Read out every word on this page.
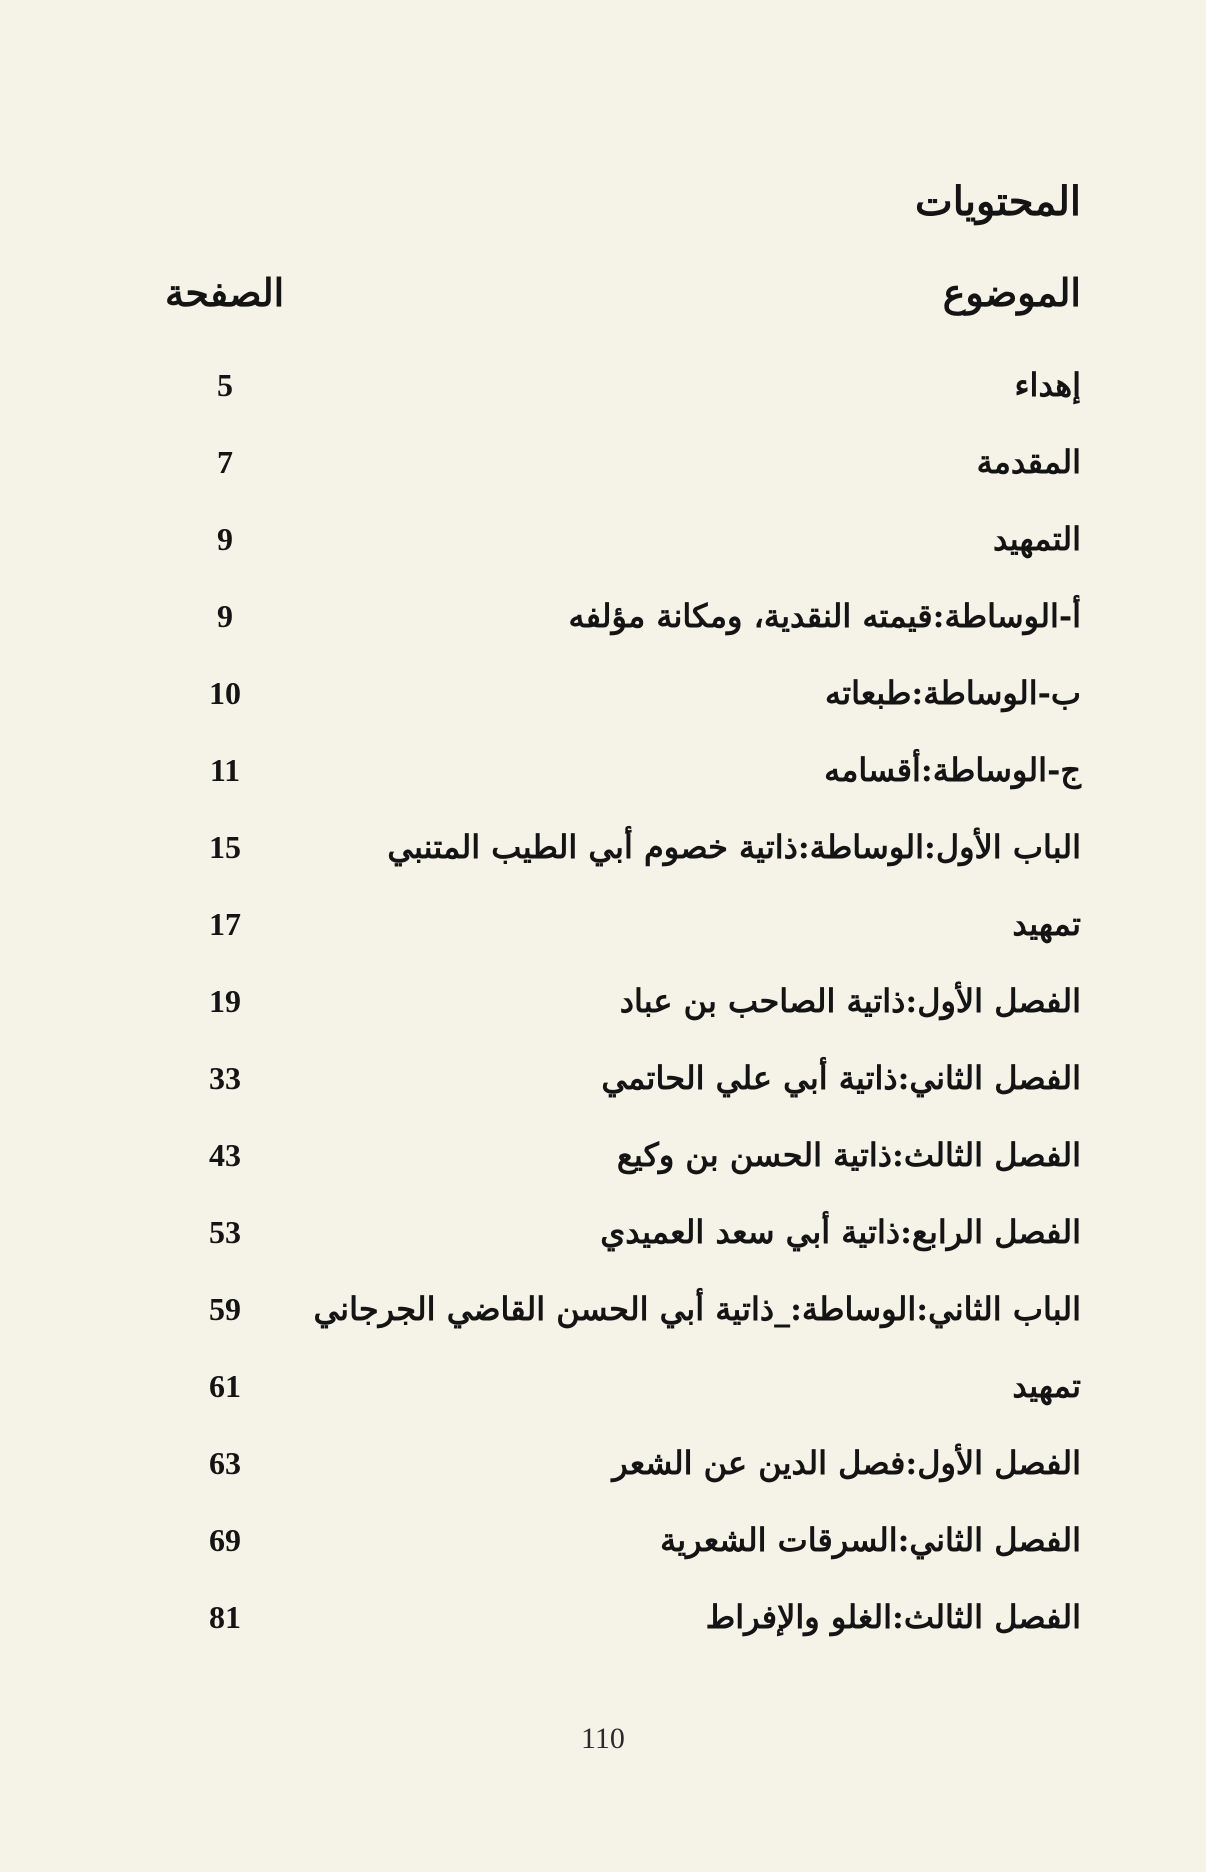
المحتويات
الموضوع
الصفحة
إهداء
5
المقدمة
7
التمهيد
9
أ-الوساطة:قيمته النقدية، ومكانة مؤلفه
9
ب-الوساطة:طبعاته
10
ج-الوساطة:أقسامه
11
الباب الأول:الوساطة:ذاتية خصوم أبي الطيب المتنبي
15
تمهيد
17
الفصل الأول:ذاتية الصاحب بن عباد
19
الفصل الثاني:ذاتية أبي علي الحاتمي
33
الفصل الثالث:ذاتية الحسن بن وكيع
43
الفصل الرابع:ذاتية أبي سعد العميدي
53
الباب الثاني:الوساطة:_ذاتية أبي الحسن القاضي الجرجاني
59
تمهيد
61
الفصل الأول:فصل الدين عن الشعر
63
الفصل الثاني:السرقات الشعرية
69
الفصل الثالث:الغلو والإفراط
81
110
